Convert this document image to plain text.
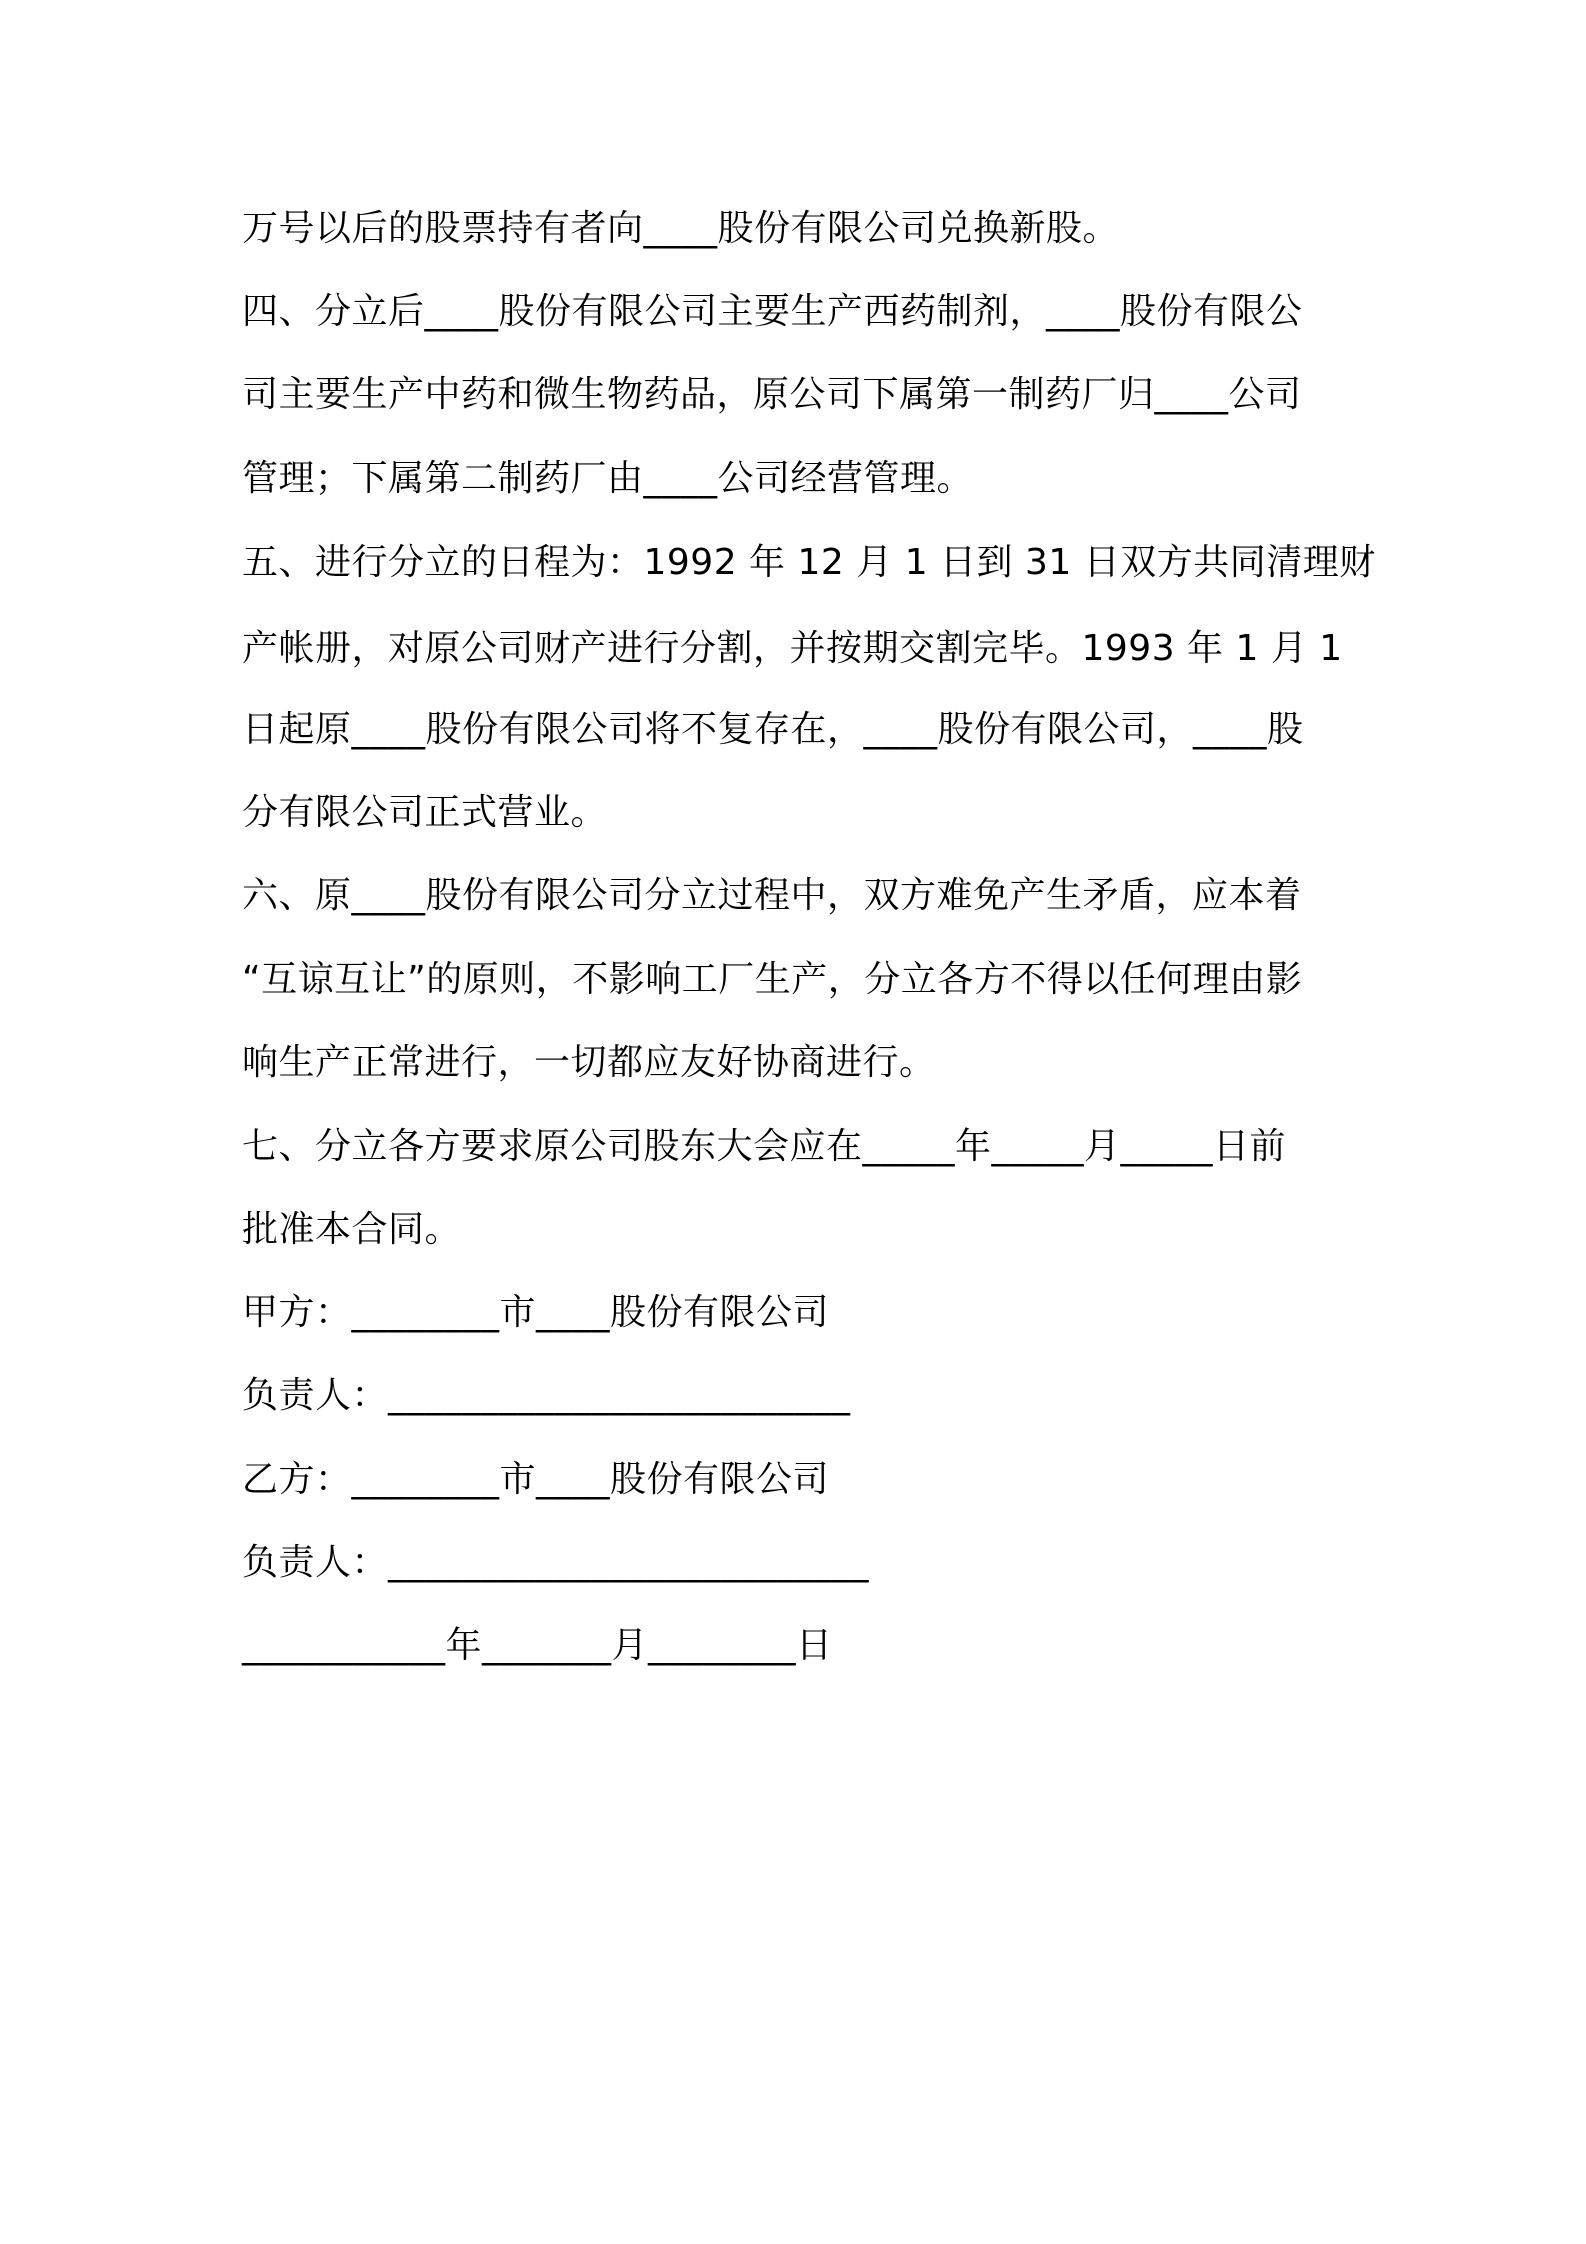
万号以后的股票持有者向____股份有限公司兑换新股。
四、分立后____股份有限公司主要生产西药制剂，____股份有限公
司主要生产中药和微生物药品，原公司下属第一制药厂归____公司
管理；下属第二制药厂由____公司经营管理。
五、进行分立的日程为：1992 年 12 月 1 日到 31 日双方共同清理财
产帐册，对原公司财产进行分割，并按期交割完毕。1993 年 1 月 1
日起原____股份有限公司将不复存在，____股份有限公司，____股
分有限公司正式营业。
六、原____股份有限公司分立过程中，双方难免产生矛盾，应本着
“互谅互让”的原则，不影响工厂生产，分立各方不得以任何理由影
响生产正常进行，一切都应友好协商进行。
七、分立各方要求原公司股东大会应在_____年_____月_____日前
批准本合同。
甲方：________市____股份有限公司
负责人：_________________________
乙方：________市____股份有限公司
负责人：__________________________
___________年_______月________日
